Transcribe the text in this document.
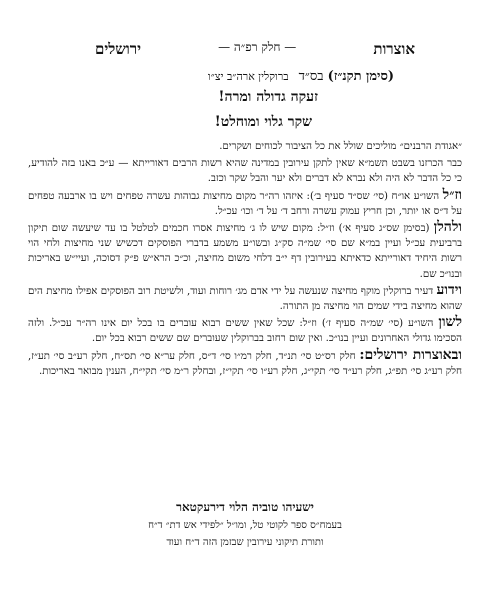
אוצרות
— חלק רפ״ה —
ירושלים
(סימן תקנ״ז) בס״ד ברוקלין ארה״ב יצ״ו
זעקה גדולה ומרה!
שקר גלוי ומוחלט!

״אגודת הרבנים״ מוליכים שולל את כל הציבור לכוחים ושקרים.

כבר הכרזנו בשבט תשמ״א שאין לתקן עירובין במדינה שהיא רשות הרבים דאורייתא — ע״כ באנו בזה להודיע, כי כל הדבר לא היה ולא נברא לא דברים ולא יער והבל שקר וכזב.

וז״ל השו״ע או״ח (סי׳ שס״ד סעיף ב׳): איזהו רה״ר מקום מחיצות גבוהות עשרה טפחים ויש בו ארבעה טפחים על ד״ס או יותר, וכן חריץ עמוק עשרה ורחב ד׳ על ד׳ וכו׳ עכ״ל.

ולהלן (בסימן שס״ג סעיף א׳) וז״ל: מקום שיש לו ג׳ מחיצות אסרו חכמים לטלטל בו עד שיעשה שום תיקון ברביעית עכ״ל ועיין במ״א שם סי׳ שמ״ה סק״ג ובשו״ע משמע בדברי הפוסקים דכשיש שני מחיצות ולחי הוי רשות היחיד דאורייתא כדאיתא בעירובין דף י״ב דלחי משום מחיצה, וכ״כ הרא״ש פ״ק דסוכה, ועיי״ש באריכות ובנו״כ שם.

וידוע דעיר ברוקלין מוקף מחיצה שנעשה על ידי אדם מג׳ רוחות ועוד, ולשיטת רוב הפוסקים אפילו מחיצת הים שהוא מחיצה בידי שמים הוי מחיצה מן התורה.

לשון השו״ע (סי׳ שמ״ה סעיף ז׳) וז״ל: שכל שאין ששים רבוא עוברים בו בכל יום אינו רה״ר עכ״ל. ולזה הסכימו גדולי האחרונים ועיין בנו״כ. ואין שום רחוב בברוקלין שעוברים שם ששים רבוא בכל יום.

ובאוצרות ירושלים: חלק רס״ט סי׳ תנ״ד, חלק רמ״ו סי׳ ד״ס, חלק ער״א סי׳ תס״ח, חלק רע״ב סי׳ תע״ז, חלק רע״ג סי׳ תפ״ג, חלק רע״ד סי׳ תקי״ג, חלק רע״ו סי׳ תקי״ז, ובחלק ר״מ סי׳ תקי״ח, הענין מבואר באריכות.

ישעיהו טוביה הלוי דירעקטאר
בעמח״ס ספר לקוטי טל, ומו״ל ״לפידי אש דת״ ד״ח
ותורת תיקוני עירובין שבזמן הזה ד״ח ועוד
